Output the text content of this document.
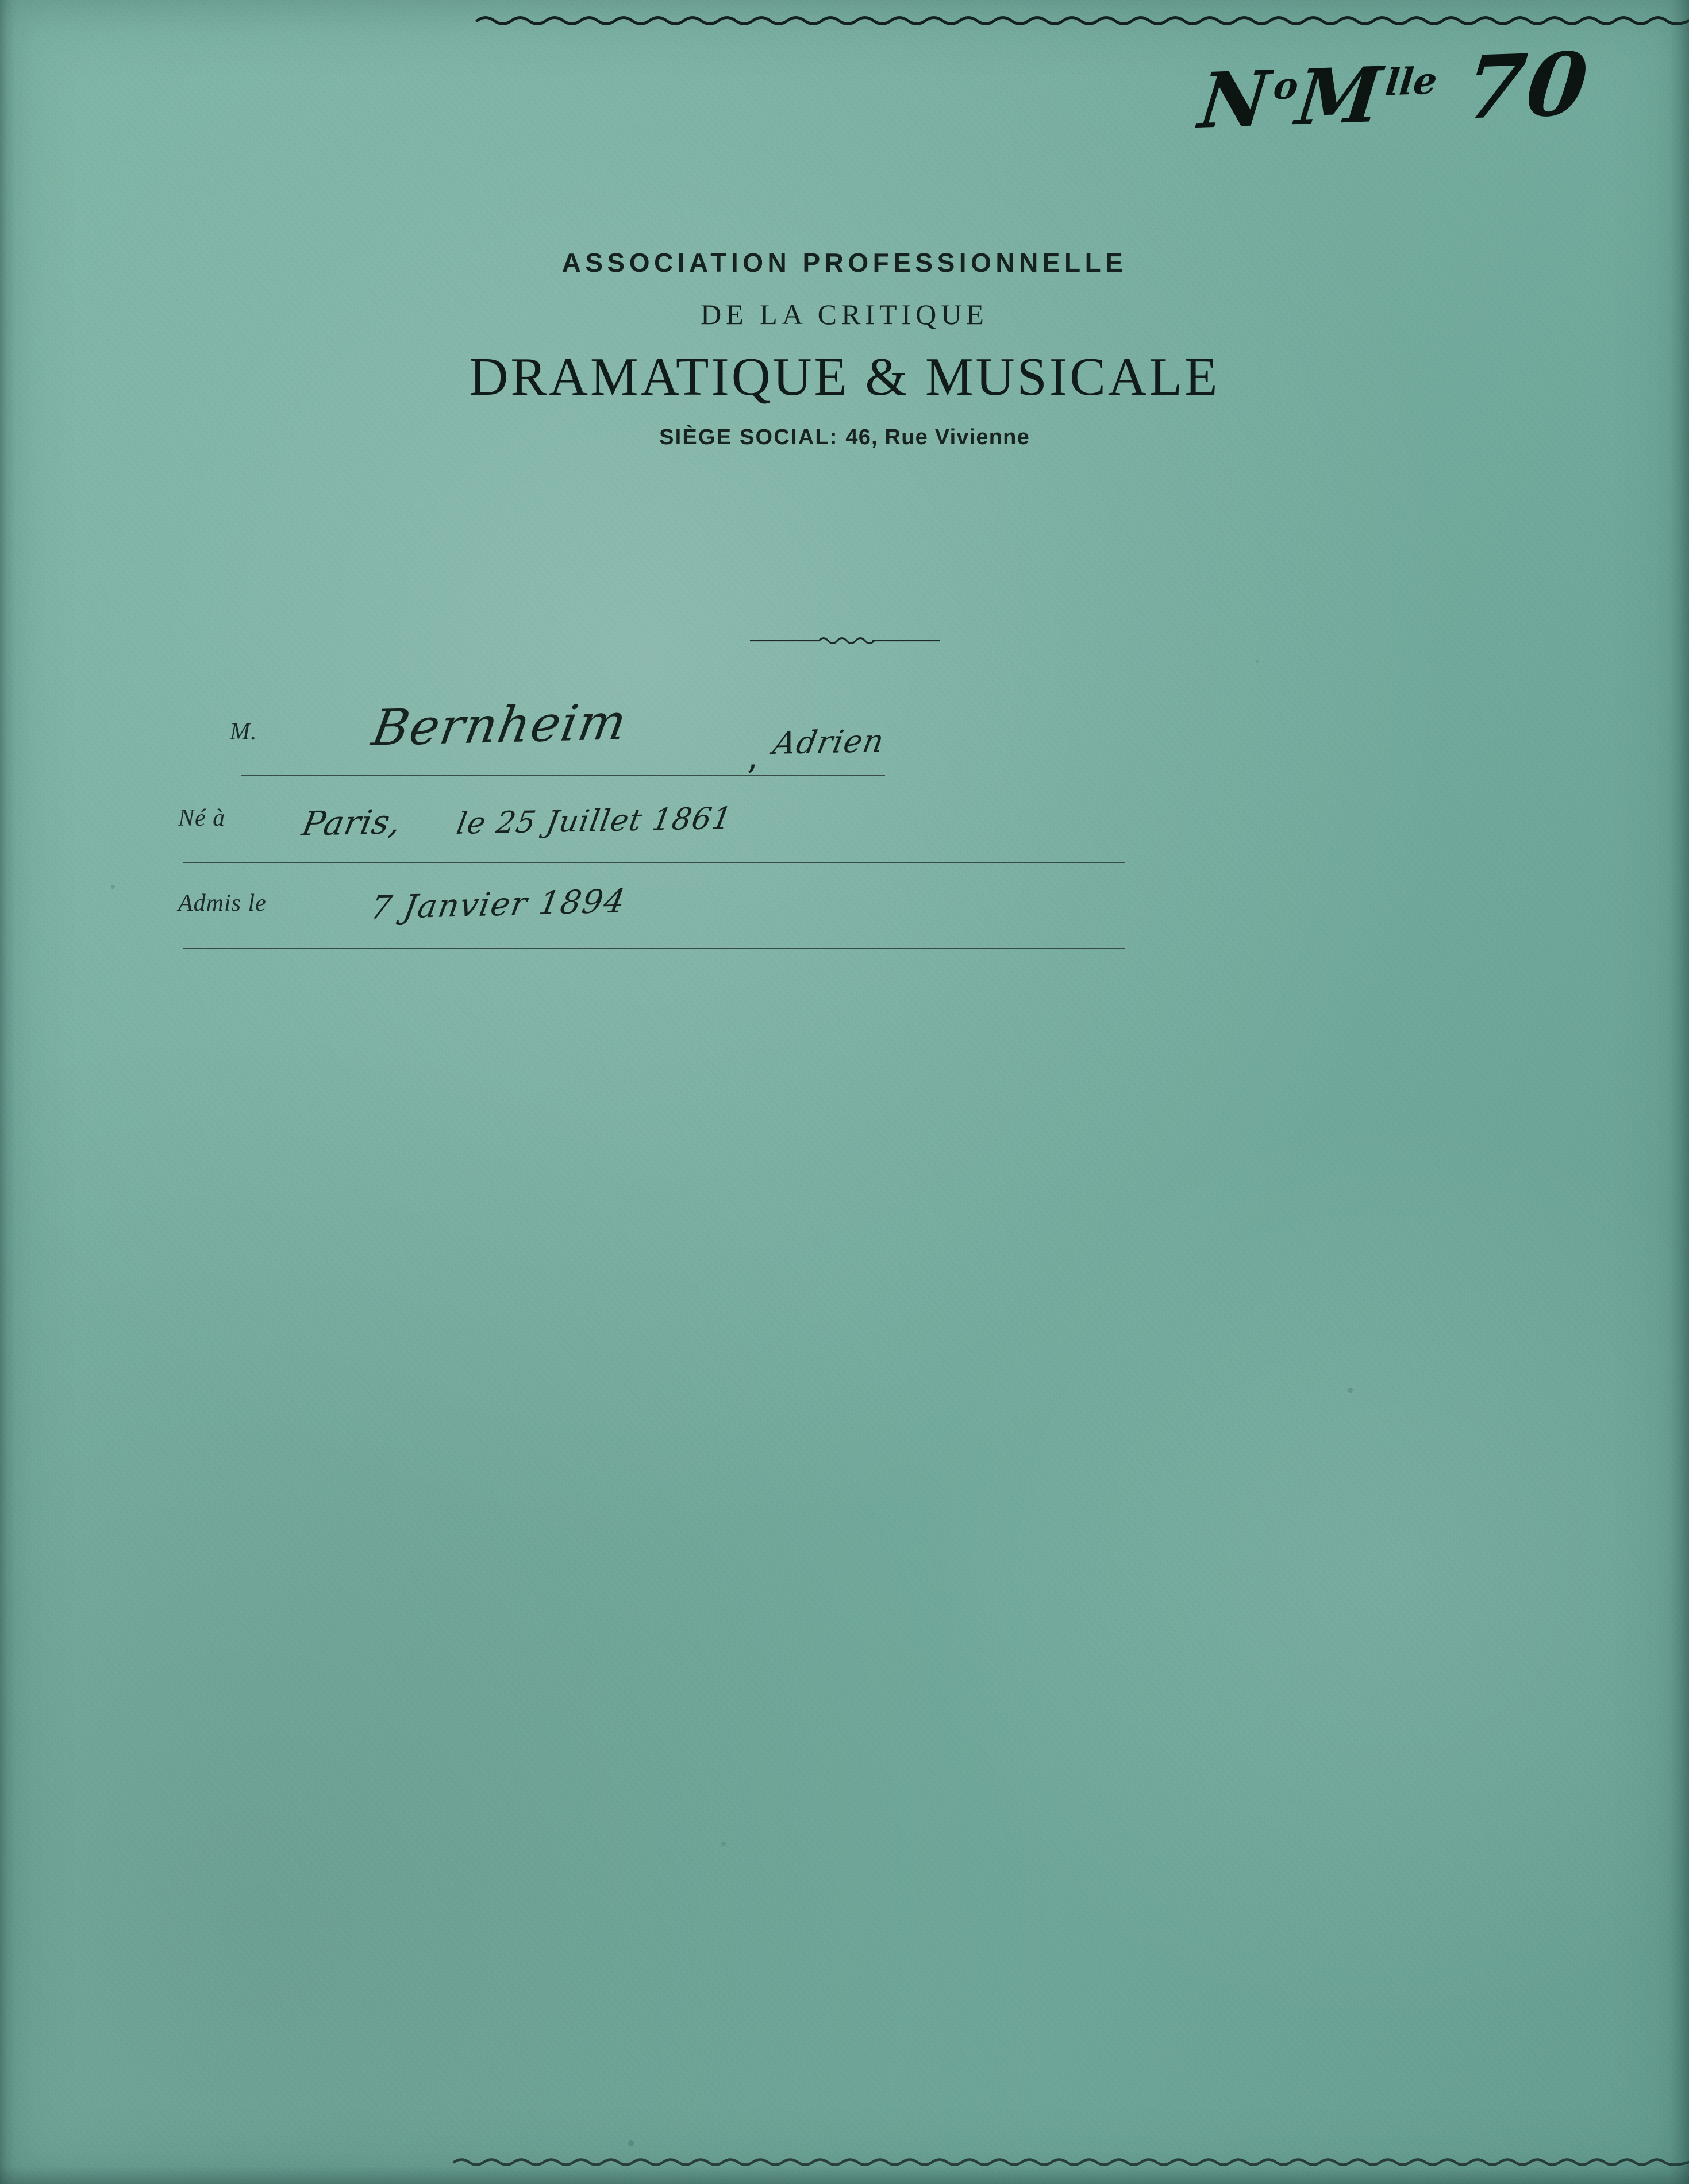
$N^oM^{lle}$ 70
ASSOCIATION PROFESSIONNELLE
DE LA CRITIQUE
DRAMATIQUE & MUSICALE
SIÈGE SOCIAL: 46, Rue Vivienne
M. Bernheim	, Adrien
Né à Paris, le 25 Juillet 1861
Admis le	7 Janvier 1894
